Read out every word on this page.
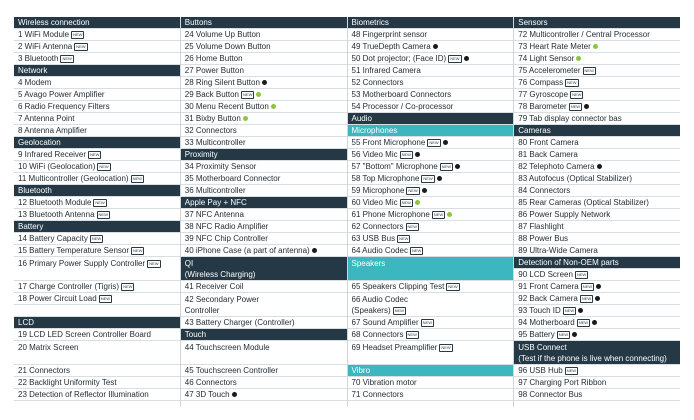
Wireless connection
1 WiFi Module NEW
2 WiFi Antenna NEW
3 Bluetooth NEW
Network
4 Modem
5 Avago Power Amplifier
6 Radio Frequency Filters
7 Antenna Point
8 Antenna Amplifier
Geolocation
9 Infrared Receiver NEW
10 WiFi (Geolocation) NEW
11 Multicontroller (Geolocation) NEW
Bluetooth
12 Bluetooth Module NEW
13 Bluetooth Antenna NEW
Battery
14 Battery Capacity NEW
15 Battery Temperature Sensor NEW
16 Primary Power Supply Controller NEW
17 Charge Controller (Tigris) NEW
18 Power Circuit Load NEW
LCD
19 LCD LED Screen Controller Board
20 Matrix Screen
21 Connectors
22 Backlight Uniformity Test
23 Detection of Reflector Illumination
Buttons
24 Volume Up Button
25 Volume Down Button
26 Home Button
27 Power Button
28 Ring Silent Button
29 Back Button NEW
30 Menu Recent Button
31 Bixby Button
32 Connectors
33 Multicontroller
Proximity
34 Proximity Sensor
35 Motherboard Connector
36 Multicontroller
Apple Pay + NFC
37 NFC Antenna
38 NFC Radio Amplifier
39 NFC Chip Controller
40 iPhone Case (a part of antenna)
QI
(Wireless Charging)
41 Receiver Coil
42 Secondary Power
Controller
43 Battery Charger (Controller)
Touch
44 Touchscreen Module
45 Touchscreen Controller
46 Connectors
47 3D Touch
Biometrics
48 Fingerprint sensor
49 TrueDepth Camera
50 Dot projector; (Face ID) NEW
51 Infrared Camera
52 Connectors
53 Motherboard Connectors
54 Processor / Co-processor
Audio
Microphones
55 Front Microphone NEW
56 Video Mic NEW
57 "Bottom" Microphone NEW
58 Top Microphone NEW
59 Microphone NEW
60 Video Mic NEW
61 Phone Microphone NEW
62 Connectors NEW
63 USB Bus NEW
64 Audio Codec NEW
Speakers
65 Speakers Clipping Test NEW
66 Audio Codec
(Speakers) NEW
67 Sound Amplifier NEW
68 Connectors NEW
69 Headset Preamplifier NEW
Vibro
70 Vibration motor
71 Connectors
Sensors
72 Multicontroller / Central Processor
73 Heart Rate Meter
74 Light Sensor
75 Accelerometer NEW
76 Compass NEW
77 Gyroscope NEW
78 Barometer NEW
79 Tab display connector bas
Cameras
80 Front Camera
81 Back Camera
82 Telephoto Camera
83 Autofocus (Optical Stabilizer)
84 Connectors
85 Rear Cameras (Optical Stabilizer)
86 Power Supply Network
87 Flashlight
88 Power Bus
89 Ultra-Wide Camera
Detection of Non-OEM parts
90 LCD Screen NEW
91 Front Camera NEW
92 Back Camera NEW
93 Touch ID NEW
94 Motherboard NEW
95 Battery NEW
USB Connect
(Test if the phone is live when connecting)
96 USB Hub NEW
97 Charging Port Ribbon
98 Connector Bus
